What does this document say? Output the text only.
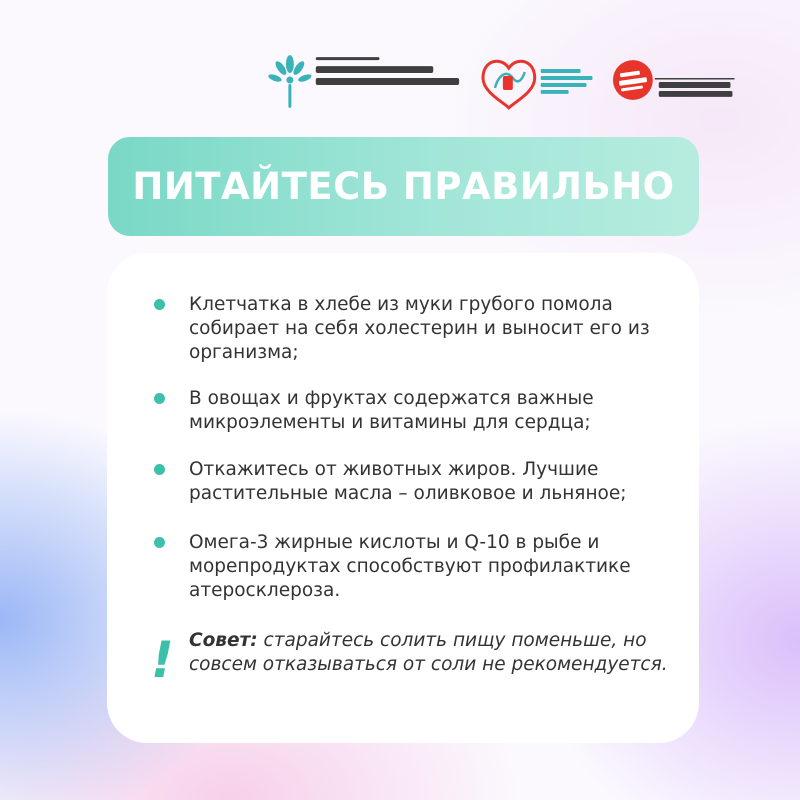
ПИТАЙТЕСЬ ПРАВИЛЬНО

Клетчатка в хлебе из муки грубого помола собирает на себя холестерин и выносит его из организма;

В овощах и фруктах содержатся важные микроэлементы и витамины для сердца;

Откажитесь от животных жиров. Лучшие растительные масла – оливковое и льняное;

Омега-3 жирные кислоты и Q-10 в рыбе и морепродуктах способствуют профилактике атеросклероза.

! Совет: старайтесь солить пищу поменьше, но совсем отказываться от соли не рекомендуется.
